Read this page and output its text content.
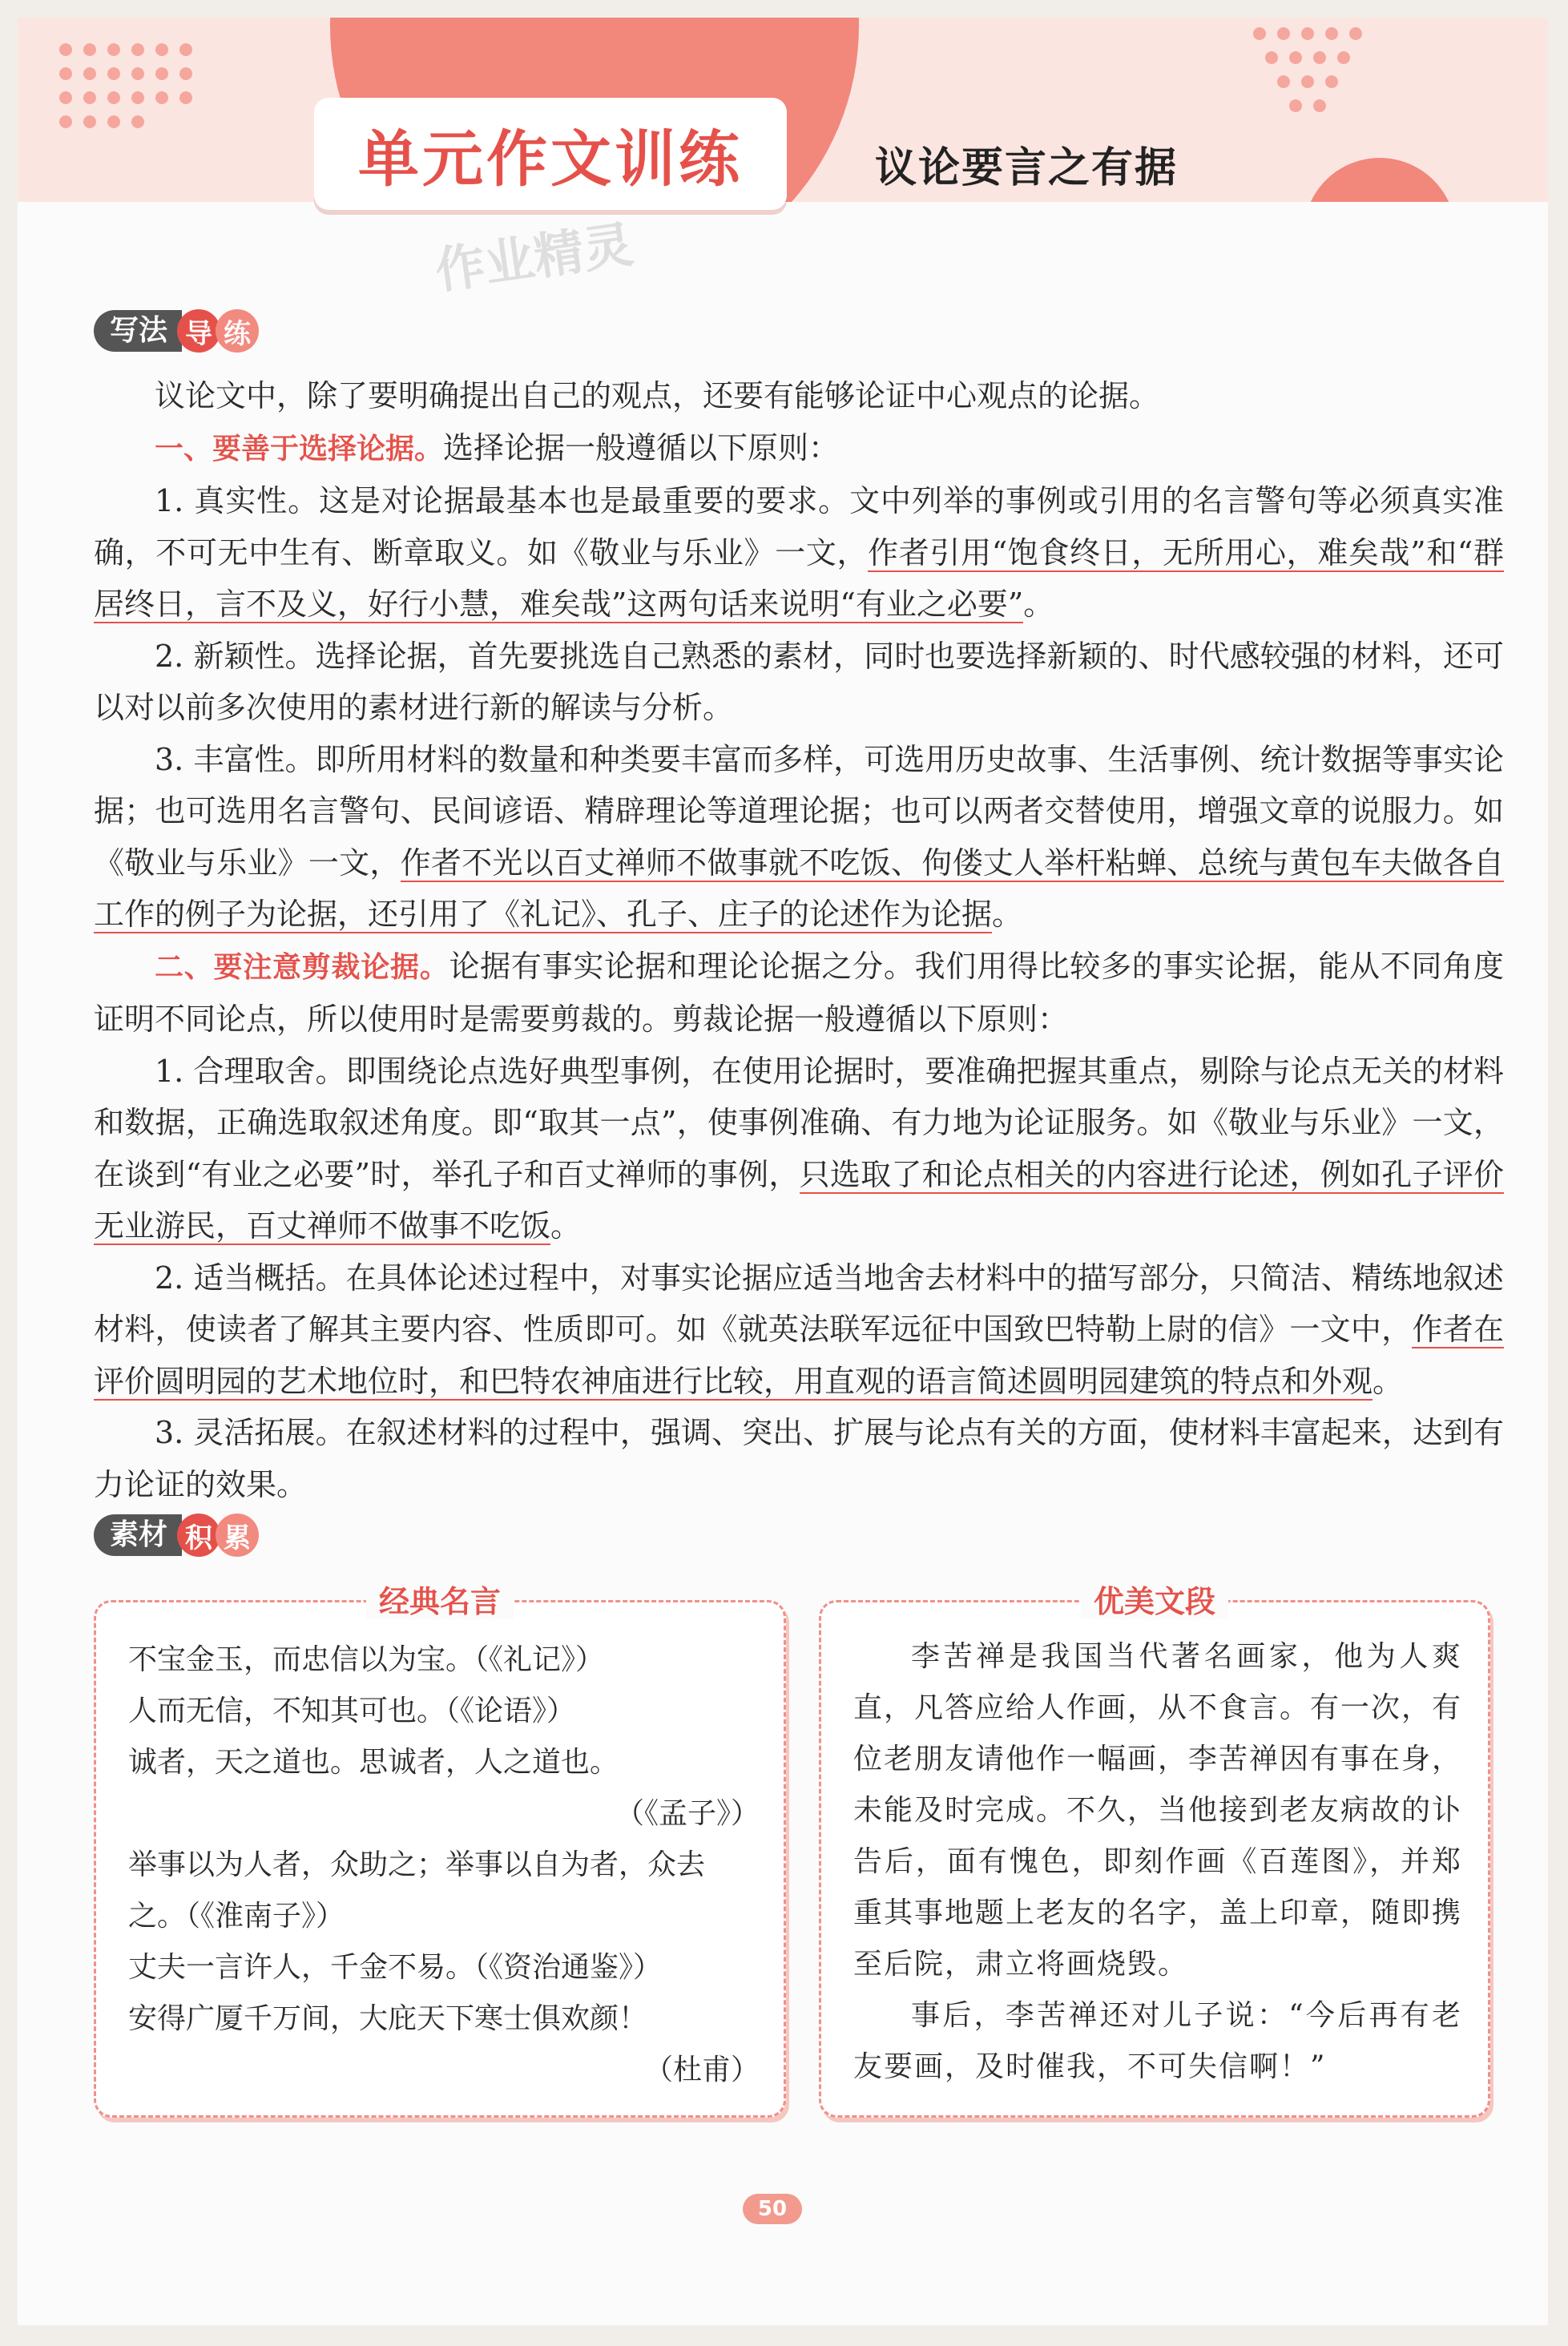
单元作文训练	议论要言之有据
作业精灵
写法 导 练

议论文中，除了要明确提出自己的观点，还要有能够论证中心观点的论据。

一、要善于选择论据。选择论据一般遵循以下原则：

1. 真实性。这是对论据最基本也是最重要的要求。文中列举的事例或引用的名言警句等必须真实准确，不可无中生有、断章取义。如《敬业与乐业》一文，作者引用“饱食终日，无所用心，难矣哉”和“群居终日，言不及义，好行小慧，难矣哉”这两句话来说明“有业之必要”。

2. 新颖性。选择论据，首先要挑选自己熟悉的素材，同时也要选择新颖的、时代感较强的材料，还可以对以前多次使用的素材进行新的解读与分析。

3. 丰富性。即所用材料的数量和种类要丰富而多样，可选用历史故事、生活事例、统计数据等事实论据；也可选用名言警句、民间谚语、精辟理论等道理论据；也可以两者交替使用，增强文章的说服力。如《敬业与乐业》一文，作者不光以百丈禅师不做事就不吃饭、佝偻丈人举杆粘蝉、总统与黄包车夫做各自工作的例子为论据，还引用了《礼记》、孔子、庄子的论述作为论据。

二、要注意剪裁论据。论据有事实论据和理论论据之分。我们用得比较多的事实论据，能从不同角度证明不同论点，所以使用时是需要剪裁的。剪裁论据一般遵循以下原则：

1. 合理取舍。即围绕论点选好典型事例，在使用论据时，要准确把握其重点，剔除与论点无关的材料和数据，正确选取叙述角度。即“取其一点”，使事例准确、有力地为论证服务。如《敬业与乐业》一文，在谈到“有业之必要”时，举孔子和百丈禅师的事例，只选取了和论点相关的内容进行论述，例如孔子评价无业游民，百丈禅师不做事不吃饭。

2. 适当概括。在具体论述过程中，对事实论据应适当地舍去材料中的描写部分，只简洁、精练地叙述材料，使读者了解其主要内容、性质即可。如《就英法联军远征中国致巴特勒上尉的信》一文中，作者在评价圆明园的艺术地位时，和巴特农神庙进行比较，用直观的语言简述圆明园建筑的特点和外观。

3. 灵活拓展。在叙述材料的过程中，强调、突出、扩展与论点有关的方面，使材料丰富起来，达到有力论证的效果。

素材 积 累
经典名言

不宝金玉，而忠信以为宝。（《礼记》）

人而无信，不知其可也。（《论语》）

诚者，天之道也。思诚者，人之道也。

（《孟子》）

举事以为人者，众助之；举事以自为者，众去之。（《淮南子》）

丈夫一言许人，千金不易。（《资治通鉴》）

安得广厦千万间，大庇天下寒士俱欢颜！

（杜甫）

优美文段

李苦禅是我国当代著名画家，他为人爽直，凡答应给人作画，从不食言。有一次，有位老朋友请他作一幅画，李苦禅因有事在身，未能及时完成。不久，当他接到老友病故的讣告后，面有愧色，即刻作画《百莲图》，并郑重其事地题上老友的名字，盖上印章，随即携至后院，肃立将画烧毁。

事后，李苦禅还对儿子说：“今后再有老友要画，及时催我，不可失信啊！”

50
